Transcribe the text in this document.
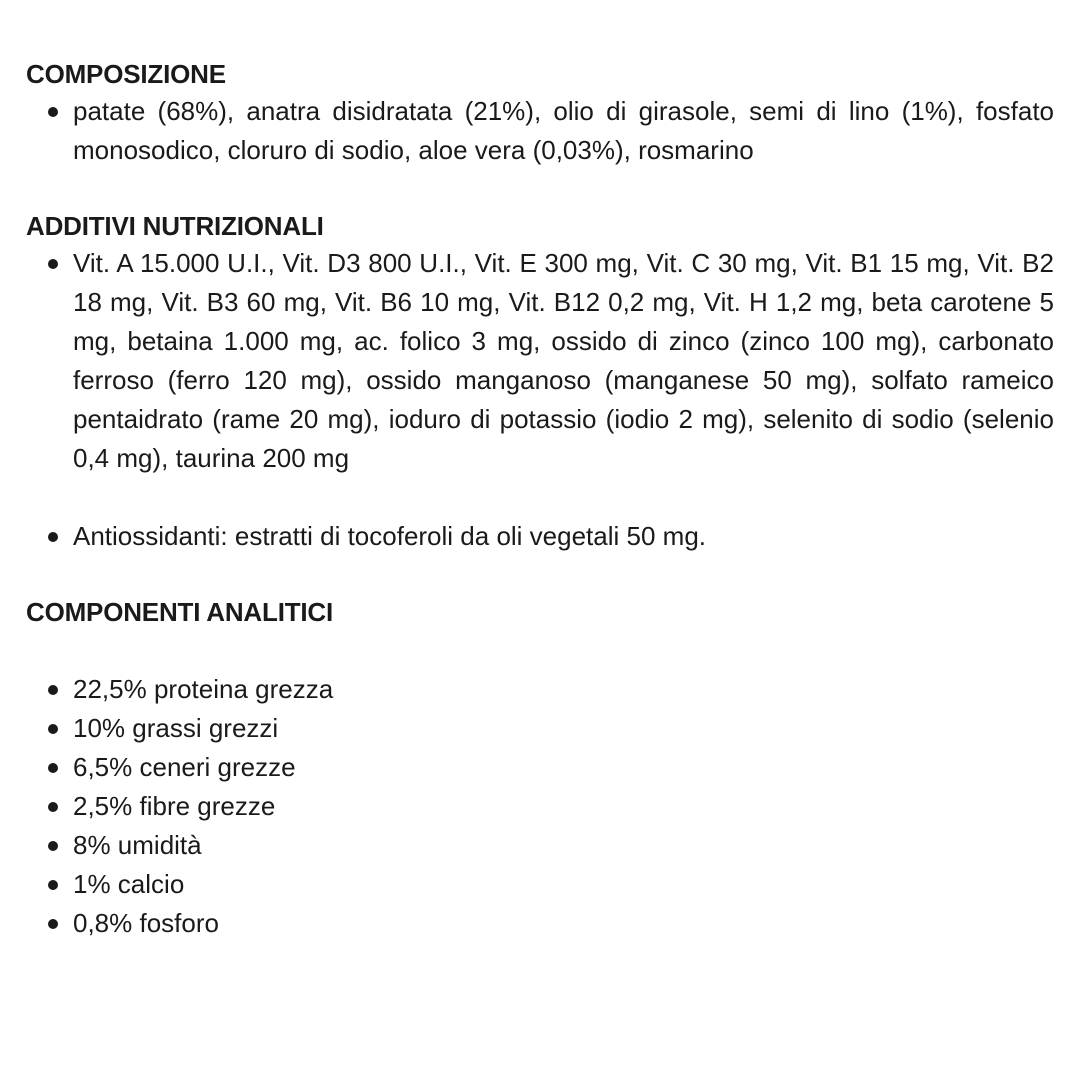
COMPOSIZIONE
patate (68%), anatra disidratata (21%), olio di girasole, semi di lino (1%), fosfato monosodico, cloruro di sodio, aloe vera (0,03%), rosmarino
ADDITIVI NUTRIZIONALI
Vit. A 15.000 U.I., Vit. D3 800 U.I., Vit. E 300 mg, Vit. C 30 mg, Vit. B1 15 mg, Vit. B2 18 mg, Vit. B3 60 mg, Vit. B6 10 mg, Vit. B12 0,2 mg, Vit. H 1,2 mg, beta carotene 5 mg, betaina 1.000 mg, ac. folico 3 mg, ossido di zinco (zinco 100 mg), carbonato ferroso (ferro 120 mg), ossido manganoso (manganese 50 mg), solfato rameico pentaidrato (rame 20 mg), ioduro di potassio (iodio 2 mg), selenito di sodio (selenio 0,4 mg), taurina 200 mg
Antiossidanti: estratti di tocoferoli da oli vegetali 50 mg.
COMPONENTI ANALITICI
22,5% proteina grezza
10% grassi grezzi
6,5% ceneri grezze
2,5% fibre grezze
8% umidità
1% calcio
0,8% fosforo
